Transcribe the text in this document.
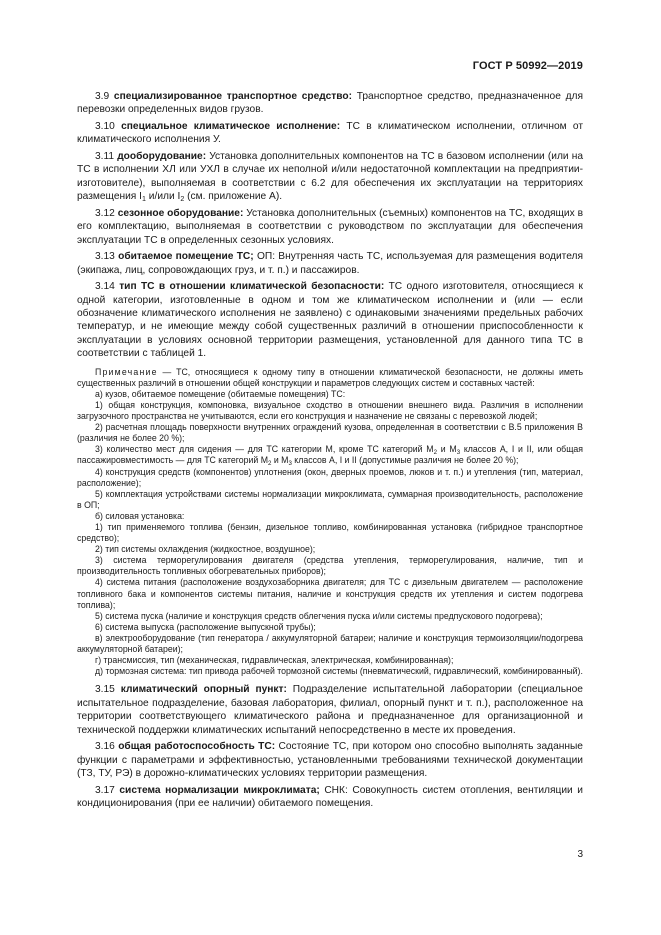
ГОСТ Р 50992—2019

3.9 специализированное транспортное средство: Транспортное средство, предназначенное для перевозки определенных видов грузов.

3.10 специальное климатическое исполнение: ТС в климатическом исполнении, отличном от климатического исполнения У.

3.11 дооборудование: Установка дополнительных компонентов на ТС в базовом исполнении (или на ТС в исполнении ХЛ или УХЛ в случае их неполной и/или недостаточной комплектации на предприятии-изготовителе), выполняемая в соответствии с 6.2 для обеспечения их эксплуатации на территориях размещения $I_1$ и/или $I_2$ (см. приложение А).

3.12 сезонное оборудование: Установка дополнительных (съемных) компонентов на ТС, входящих в его комплектацию, выполняемая в соответствии с руководством по эксплуатации для обеспечения эксплуатации ТС в определенных сезонных условиях.

3.13 обитаемое помещение ТС; ОП: Внутренняя часть ТС, используемая для размещения водителя (экипажа, лиц, сопровождающих груз, и т. п.) и пассажиров.

3.14 тип ТС в отношении климатической безопасности: ТС одного изготовителя, относящиеся к одной категории, изготовленные в одном и том же климатическом исполнении и (или — если обозначение климатического исполнения не заявлено) с одинаковыми значениями предельных рабочих температур, и не имеющие между собой существенных различий в отношении приспособленности к эксплуатации в условиях основной территории размещения, установленной для данного типа ТС в соответствии с таблицей 1.

Примечание — ТС, относящиеся к одному типу в отношении климатической безопасности, не должны иметь существенных различий в отношении общей конструкции и параметров следующих систем и составных частей:

а) кузов, обитаемое помещение (обитаемые помещения) ТС:

1) общая конструкция, компоновка, визуальное сходство в отношении внешнего вида. Различия в исполнении загрузочного пространства не учитываются, если его конструкция и назначение не связаны с перевозкой людей;

2) расчетная площадь поверхности внутренних ограждений кузова, определенная в соответствии с В.5 приложения В (различия не более 20 %);

3) количество мест для сидения — для ТС категории М, кроме ТС категорий $М_2$ и $М_3$ классов А, I и II, или общая пассажировместимость — для ТС категорий $М_2$ и $М_3$ классов А, I и II (допустимые различия не более 20 %);

4) конструкция средств (компонентов) уплотнения (окон, дверных проемов, люков и т. п.) и утепления (тип, материал, расположение);

5) комплектация устройствами системы нормализации микроклимата, суммарная производительность, расположение в ОП;

б) силовая установка:

1) тип применяемого топлива (бензин, дизельное топливо, комбинированная установка (гибридное транспортное средство);

2) тип системы охлаждения (жидкостное, воздушное);

3) система терморегулирования двигателя (средства утепления, терморегулирования, наличие, тип и производительность топливных обогревательных приборов);

4) система питания (расположение воздухозаборника двигателя; для ТС с дизельным двигателем — расположение топливного бака и компонентов системы питания, наличие и конструкция средств их утепления и систем подогрева топлива);

5) система пуска (наличие и конструкция средств облегчения пуска и/или системы предпускового подогрева);

6) система выпуска (расположение выпускной трубы);

в) электрооборудование (тип генератора / аккумуляторной батареи; наличие и конструкция термоизоляции/подогрева аккумуляторной батареи);

г) трансмиссия, тип (механическая, гидравлическая, электрическая, комбинированная);

д) тормозная система: тип привода рабочей тормозной системы (пневматический, гидравлический, комбинированный).

3.15 климатический опорный пункт: Подразделение испытательной лаборатории (специальное испытательное подразделение, базовая лаборатория, филиал, опорный пункт и т. п.), расположенное на территории соответствующего климатического района и предназначенное для организационной и технической поддержки климатических испытаний непосредственно в месте их проведения.

3.16 общая работоспособность ТС: Состояние ТС, при котором оно способно выполнять заданные функции с параметрами и эффективностью, установленными требованиями технической документации (ТЗ, ТУ, РЭ) в дорожно-климатических условиях территории размещения.

3.17 система нормализации микроклимата; СНК: Совокупность систем отопления, вентиляции и кондиционирования (при ее наличии) обитаемого помещения.

3
